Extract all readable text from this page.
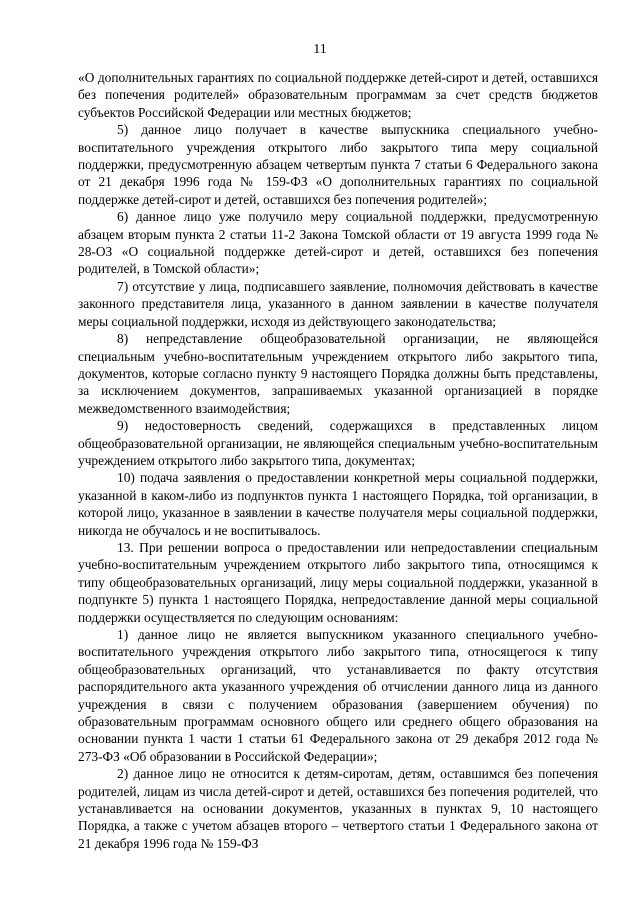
11

«О дополнительных гарантиях по социальной поддержке детей-сирот и детей, оставшихся без попечения родителей» образовательным программам за счет средств бюджетов субъектов Российской Федерации или местных бюджетов;

5) данное лицо получает в качестве выпускника специального учебно-воспитательного учреждения открытого либо закрытого типа меру социальной поддержки, предусмотренную абзацем четвертым пункта 7 статьи 6 Федерального закона от 21 декабря 1996 года № 159-ФЗ «О дополнительных гарантиях по социальной поддержке детей-сирот и детей, оставшихся без попечения родителей»;

6) данное лицо уже получило меру социальной поддержки, предусмотренную абзацем вторым пункта 2 статьи 11-2 Закона Томской области от 19 августа 1999 года № 28-ОЗ «О социальной поддержке детей-сирот и детей, оставшихся без попечения родителей, в Томской области»;

7) отсутствие у лица, подписавшего заявление, полномочия действовать в качестве законного представителя лица, указанного в данном заявлении в качестве получателя меры социальной поддержки, исходя из действующего законодательства;

8) непредставление общеобразовательной организации, не являющейся специальным учебно-воспитательным учреждением открытого либо закрытого типа, документов, которые согласно пункту 9 настоящего Порядка должны быть представлены, за исключением документов, запрашиваемых указанной организацией в порядке межведомственного взаимодействия;

9) недостоверность сведений, содержащихся в представленных лицом общеобразовательной организации, не являющейся специальным учебно-воспитательным учреждением открытого либо закрытого типа, документах;

10) подача заявления о предоставлении конкретной меры социальной поддержки, указанной в каком-либо из подпунктов пункта 1 настоящего Порядка, той организации, в которой лицо, указанное в заявлении в качестве получателя меры социальной поддержки, никогда не обучалось и не воспитывалось.

13. При решении вопроса о предоставлении или непредоставлении специальным учебно-воспитательным учреждением открытого либо закрытого типа, относящимся к типу общеобразовательных организаций, лицу меры социальной поддержки, указанной в подпункте 5) пункта 1 настоящего Порядка, непредоставление данной меры социальной поддержки осуществляется по следующим основаниям:

1) данное лицо не является выпускником указанного специального учебно-воспитательного учреждения открытого либо закрытого типа, относящегося к типу общеобразовательных организаций, что устанавливается по факту отсутствия распорядительного акта указанного учреждения об отчислении данного лица из данного учреждения в связи с получением образования (завершением обучения) по образовательным программам основного общего или среднего общего образования на основании пункта 1 части 1 статьи 61 Федерального закона от 29 декабря 2012 года № 273-ФЗ «Об образовании в Российской Федерации»;

2) данное лицо не относится к детям-сиротам, детям, оставшимся без попечения родителей, лицам из числа детей-сирот и детей, оставшихся без попечения родителей, что устанавливается на основании документов, указанных в пунктах 9, 10 настоящего Порядка, а также с учетом абзацев второго – четвертого статьи 1 Федерального закона от 21 декабря 1996 года № 159-ФЗ
